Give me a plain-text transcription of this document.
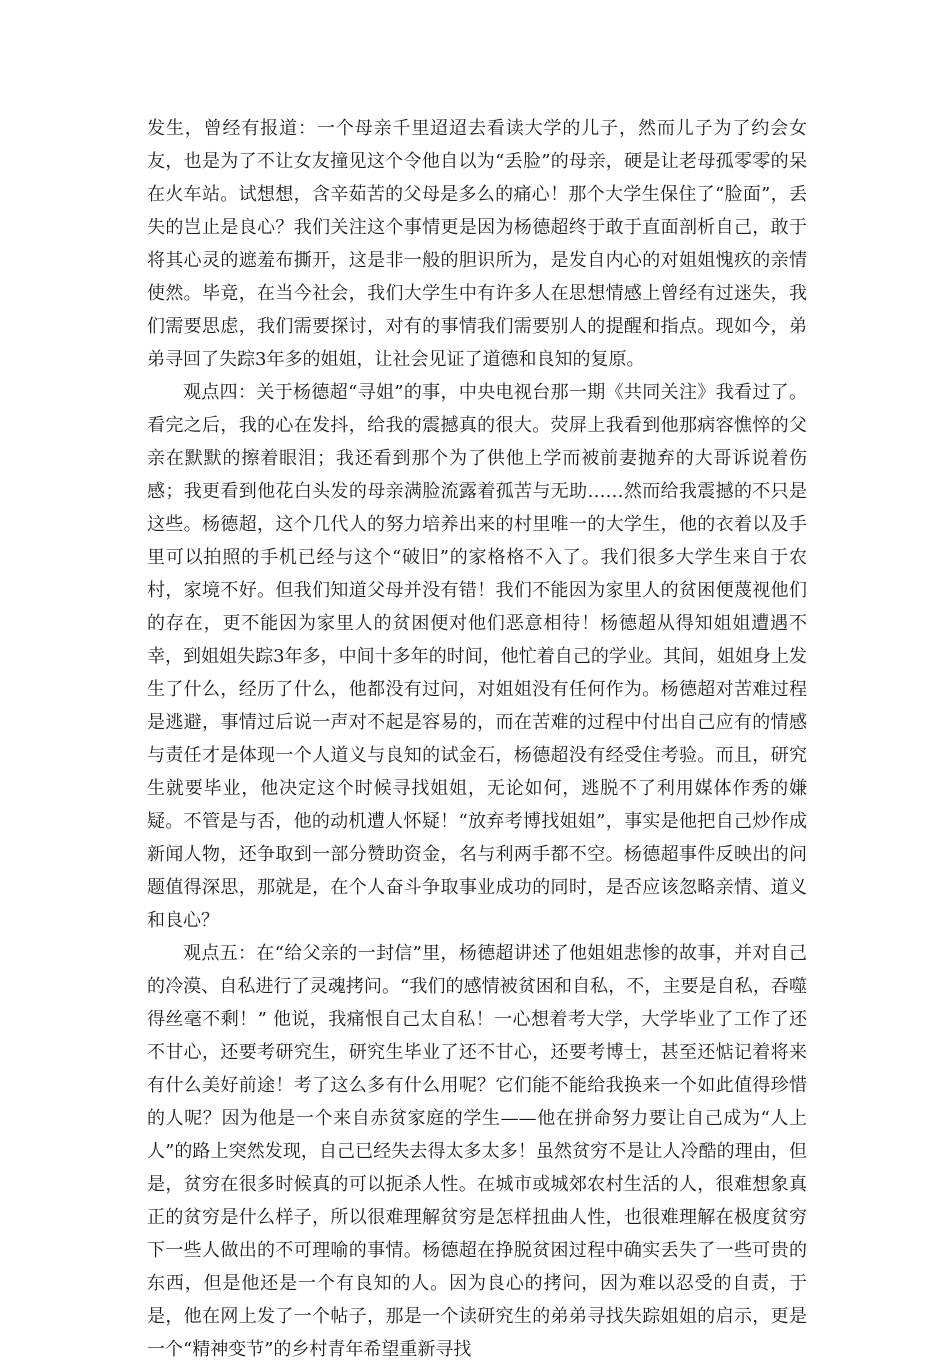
发生，曾经有报道：一个母亲千里迢迢去看读大学的儿子，然而儿子为了约会女友，也是为了不让女友撞见这个令他自以为“丢脸”的母亲，硬是让老母孤零零的呆在火车站。试想想，含辛茹苦的父母是多么的痛心！那个大学生保住了“脸面”，丢失的岂止是良心？我们关注这个事情更是因为杨德超终于敢于直面剖析自己，敢于将其心灵的遮羞布撕开，这是非一般的胆识所为，是发自内心的对姐姐愧疚的亲情使然。毕竟，在当今社会，我们大学生中有许多人在思想情感上曾经有过迷失，我们需要思虑，我们需要探讨，对有的事情我们需要别人的提醒和指点。现如今，弟弟寻回了失踪3年多的姐姐，让社会见证了道德和良知的复原。

观点四：关于杨德超“寻姐”的事，中央电视台那一期《共同关注》我看过了。看完之后，我的心在发抖，给我的震撼真的很大。荧屏上我看到他那病容憔悴的父亲在默默的擦着眼泪；我还看到那个为了供他上学而被前妻抛弃的大哥诉说着伤感；我更看到他花白头发的母亲满脸流露着孤苦与无助……然而给我震撼的不只是这些。杨德超，这个几代人的努力培养出来的村里唯一的大学生，他的衣着以及手里可以拍照的手机已经与这个“破旧”的家格格不入了。我们很多大学生来自于农村，家境不好。但我们知道父母并没有错！我们不能因为家里人的贫困便蔑视他们的存在，更不能因为家里人的贫困便对他们恶意相待！杨德超从得知姐姐遭遇不幸，到姐姐失踪3年多，中间十多年的时间，他忙着自己的学业。其间，姐姐身上发生了什么，经历了什么，他都没有过问，对姐姐没有任何作为。杨德超对苦难过程是逃避，事情过后说一声对不起是容易的，而在苦难的过程中付出自己应有的情感与责任才是体现一个人道义与良知的试金石，杨德超没有经受住考验。而且，研究生就要毕业，他决定这个时候寻找姐姐，无论如何，逃脱不了利用媒体作秀的嫌疑。不管是与否，他的动机遭人怀疑！“放弃考博找姐姐”，事实是他把自己炒作成新闻人物，还争取到一部分赞助资金，名与利两手都不空。杨德超事件反映出的问题值得深思，那就是，在个人奋斗争取事业成功的同时，是否应该忽略亲情、道义和良心？

观点五：在“给父亲的一封信”里，杨德超讲述了他姐姐悲惨的故事，并对自己的冷漠、自私进行了灵魂拷问。“我们的感情被贫困和自私，不，主要是自私，吞噬得丝毫不剩！” 他说，我痛恨自己太自私！一心想着考大学，大学毕业了工作了还不甘心，还要考研究生，研究生毕业了还不甘心，还要考博士，甚至还惦记着将来有什么美好前途！考了这么多有什么用呢？它们能不能给我换来一个如此值得珍惜的人呢？因为他是一个来自赤贫家庭的学生——他在拼命努力要让自己成为“人上人”的路上突然发现，自己已经失去得太多太多！虽然贫穷不是让人冷酷的理由，但是，贫穷在很多时候真的可以扼杀人性。在城市或城郊农村生活的人，很难想象真正的贫穷是什么样子，所以很难理解贫穷是怎样扭曲人性，也很难理解在极度贫穷下一些人做出的不可理喻的事情。杨德超在挣脱贫困过程中确实丢失了一些可贵的东西，但是他还是一个有良知的人。因为良心的拷问，因为难以忍受的自责，于是，他在网上发了一个帖子，那是一个读研究生的弟弟寻找失踪姐姐的启示，更是一个“精神变节”的乡村青年希望重新寻找
